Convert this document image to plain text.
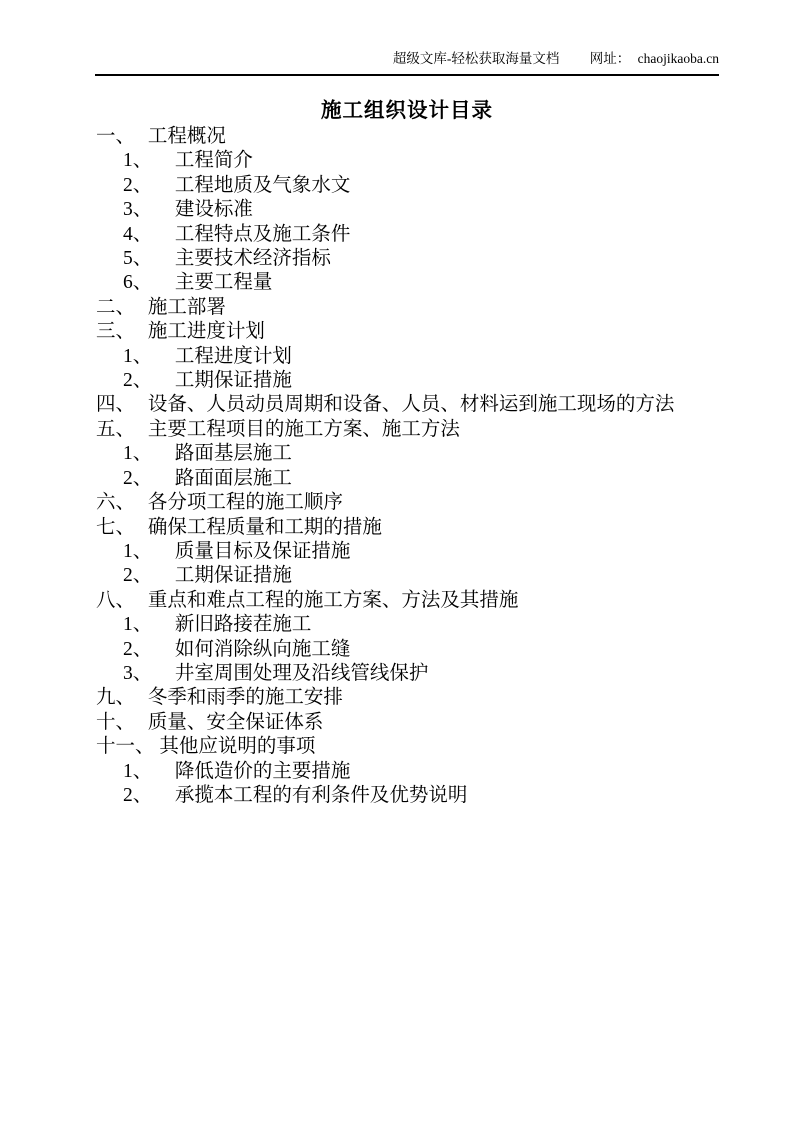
超级文库-轻松获取海量文档 网址： chaojikaoba.cn
施工组织设计目录
一、 工程概况
1、 工程简介
2、 工程地质及气象水文
3、 建设标准
4、 工程特点及施工条件
5、 主要技术经济指标
6、 主要工程量
二、 施工部署
三、 施工进度计划
1、 工程进度计划
2、 工期保证措施
四、 设备、人员动员周期和设备、人员、材料运到施工现场的方法
五、 主要工程项目的施工方案、施工方法
1、 路面基层施工
2、 路面面层施工
六、 各分项工程的施工顺序
七、 确保工程质量和工期的措施
1、 质量目标及保证措施
2、 工期保证措施
八、 重点和难点工程的施工方案、方法及其措施
1、 新旧路接茬施工
2、 如何消除纵向施工缝
3、 井室周围处理及沿线管线保护
九、 冬季和雨季的施工安排
十、 质量、安全保证体系
十一、 其他应说明的事项
1、 降低造价的主要措施
2、 承揽本工程的有利条件及优势说明
